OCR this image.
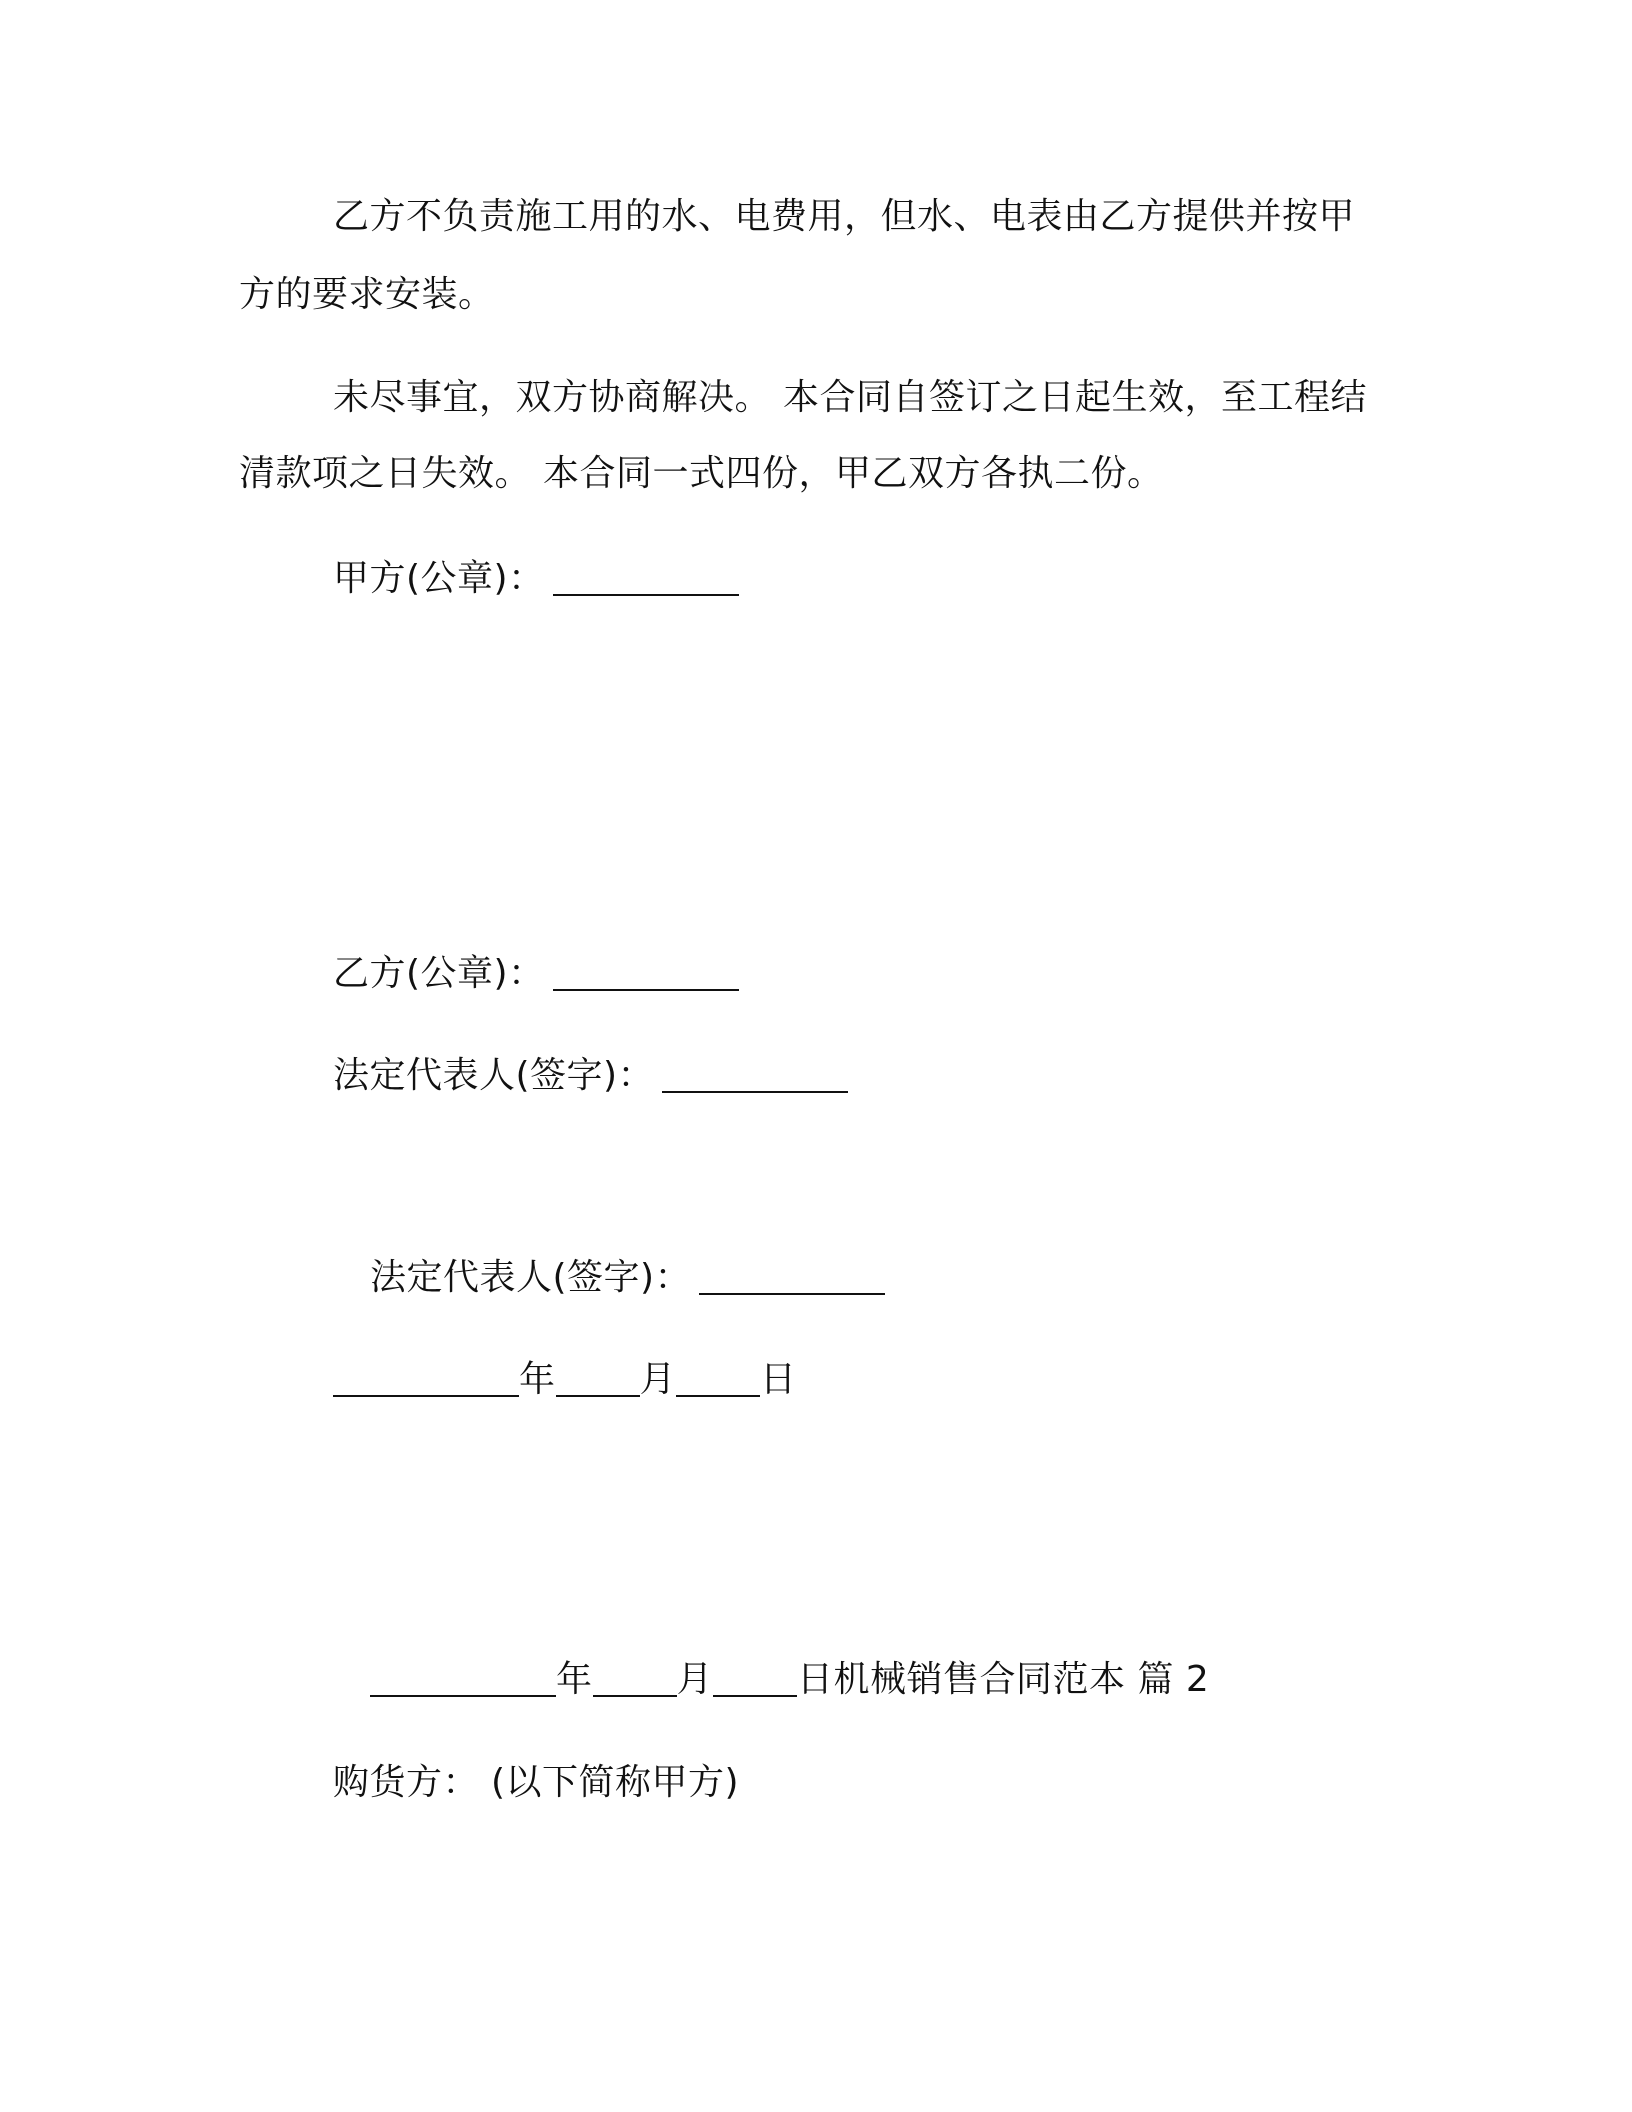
乙方不负责施工用的水、电费用，但水、电表由乙方提供并按甲

方的要求安装。

未尽事宜，双方协商解决。 本合同自签订之日起生效，至工程结

清款项之日失效。 本合同一式四份，甲乙双方各执二份。

甲方(公章)：

乙方(公章)：

法定代表人(签字)：

法定代表人(签字)：

年 月 日

年 月 日机械销售合同范本 篇 2

购货方： (以下简称甲方)
